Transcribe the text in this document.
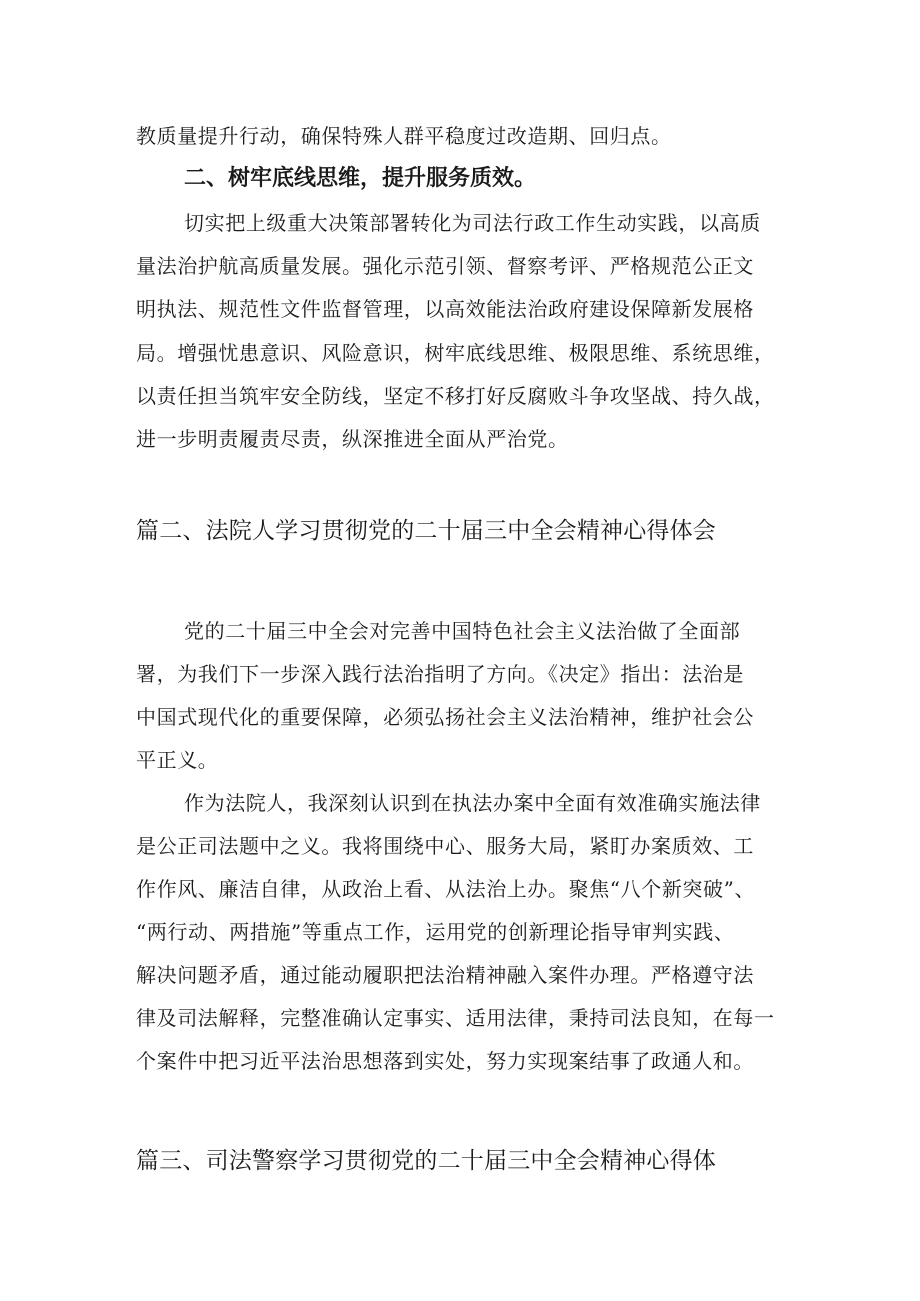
教质量提升行动，确保特殊人群平稳度过改造期、回归点。
二、树牢底线思维，提升服务质效。
切实把上级重大决策部署转化为司法行政工作生动实践，以高质
量法治护航高质量发展。强化示范引领、督察考评、严格规范公正文
明执法、规范性文件监督管理，以高效能法治政府建设保障新发展格
局。增强忧患意识、风险意识，树牢底线思维、极限思维、系统思维，
以责任担当筑牢安全防线，坚定不移打好反腐败斗争攻坚战、持久战，
进一步明责履责尽责，纵深推进全面从严治党。
篇二、法院人学习贯彻党的二十届三中全会精神心得体会
党的二十届三中全会对完善中国特色社会主义法治做了全面部
署，为我们下一步深入践行法治指明了方向。《决定》指出：法治是
中国式现代化的重要保障，必须弘扬社会主义法治精神，维护社会公
平正义。
作为法院人，我深刻认识到在执法办案中全面有效准确实施法律
是公正司法题中之义。我将围绕中心、服务大局，紧盯办案质效、工
作作风、廉洁自律，从政治上看、从法治上办。聚焦“八个新突破”、
“两行动、两措施”等重点工作，运用党的创新理论指导审判实践、
解决问题矛盾，通过能动履职把法治精神融入案件办理。严格遵守法
律及司法解释，完整准确认定事实、适用法律，秉持司法良知，在每一
个案件中把习近平法治思想落到实处，努力实现案结事了政通人和。
篇三、司法警察学习贯彻党的二十届三中全会精神心得体
